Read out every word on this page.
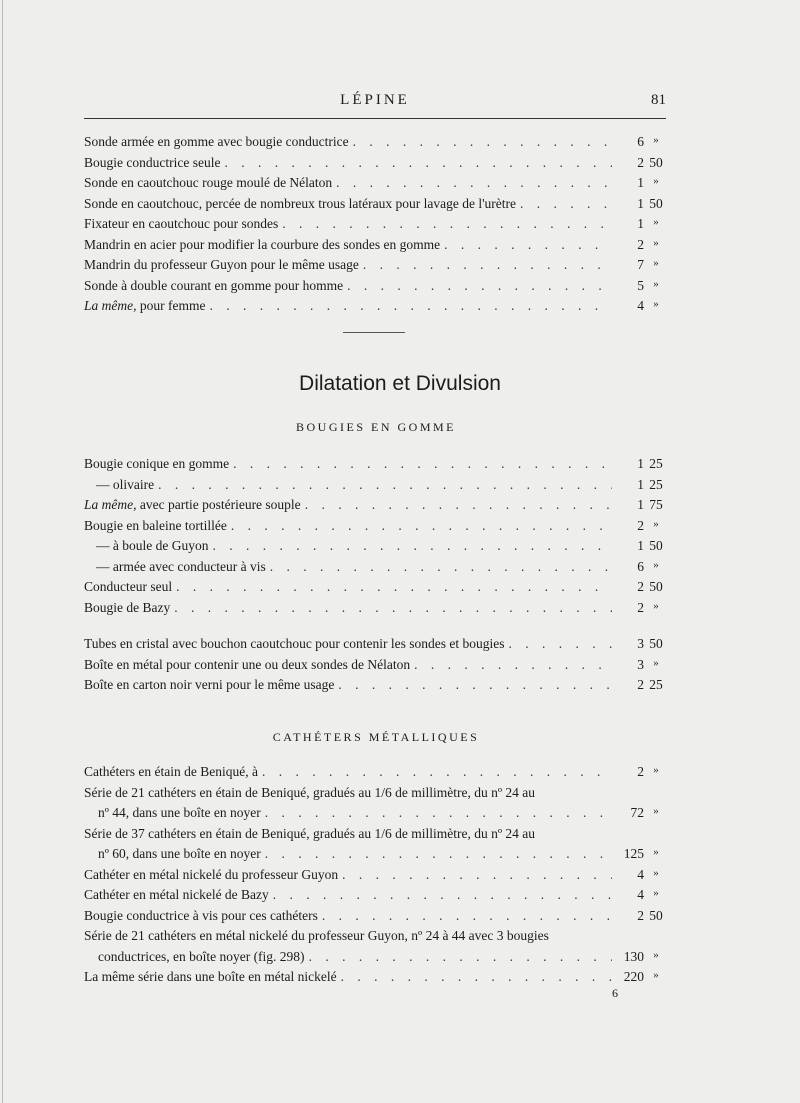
LÉPINE	81
Sonde armée en gomme avec bougie conductrice . . .	6 »
Bougie conductrice seule . . .	2 50
Sonde en caoutchouc rouge moulé de Nélaton . . .	1 »
Sonde en caoutchouc, percée de nombreux trous latéraux pour lavage de l'urètre . . .	1 50
Fixateur en caoutchouc pour sondes . . .	1 »
Mandrin en acier pour modifier la courbure des sondes en gomme . . .	2 »
Mandrin du professeur Guyon pour le même usage . . .	7 »
Sonde à double courant en gomme pour homme . . .	5 »
La même, pour femme . . .	4 »
Dilatation et Divulsion
BOUGIES EN GOMME
Bougie conique en gomme . . .	1 25
— olivaire . . .	1 25
La même, avec partie postérieure souple . . .	1 75
Bougie en baleine tortillée . . .	2 »
— à boule de Guyon . . .	1 50
— armée avec conducteur à vis . . .	6 »
Conducteur seul . . .	2 50
Bougie de Bazy . . .	2 »
Tubes en cristal avec bouchon caoutchouc pour contenir les sondes et bougies . . .	3 50
Boîte en métal pour contenir une ou deux sondes de Nélaton . . .	3 »
Boîte en carton noir verni pour le même usage . . .	2 25
CATHÉTERS MÉTALLIQUES
Cathéters en étain de Beniqué, à . . .	2 »
Série de 21 cathéters en étain de Beniqué, gradués au 1/6 de millimètre, du nº 24 au
nº 44, dans une boîte en noyer . . .	72 »
Série de 37 cathéters en étain de Beniqué, gradués au 1/6 de millimètre, du nº 24 au
nº 60, dans une boîte en noyer . . .	125 »
Cathéter en métal nickelé du professeur Guyon . . .	4 »
Cathéter en métal nickelé de Bazy . . .	4 »
Bougie conductrice à vis pour ces cathéters . . .	2 50
Série de 21 cathéters en métal nickelé du professeur Guyon, nº 24 à 44 avec 3 bougies
conductrices, en boîte noyer (fig. 298) . . .	130 »
La même série dans une boîte en métal nickelé . . .	220 »
6
